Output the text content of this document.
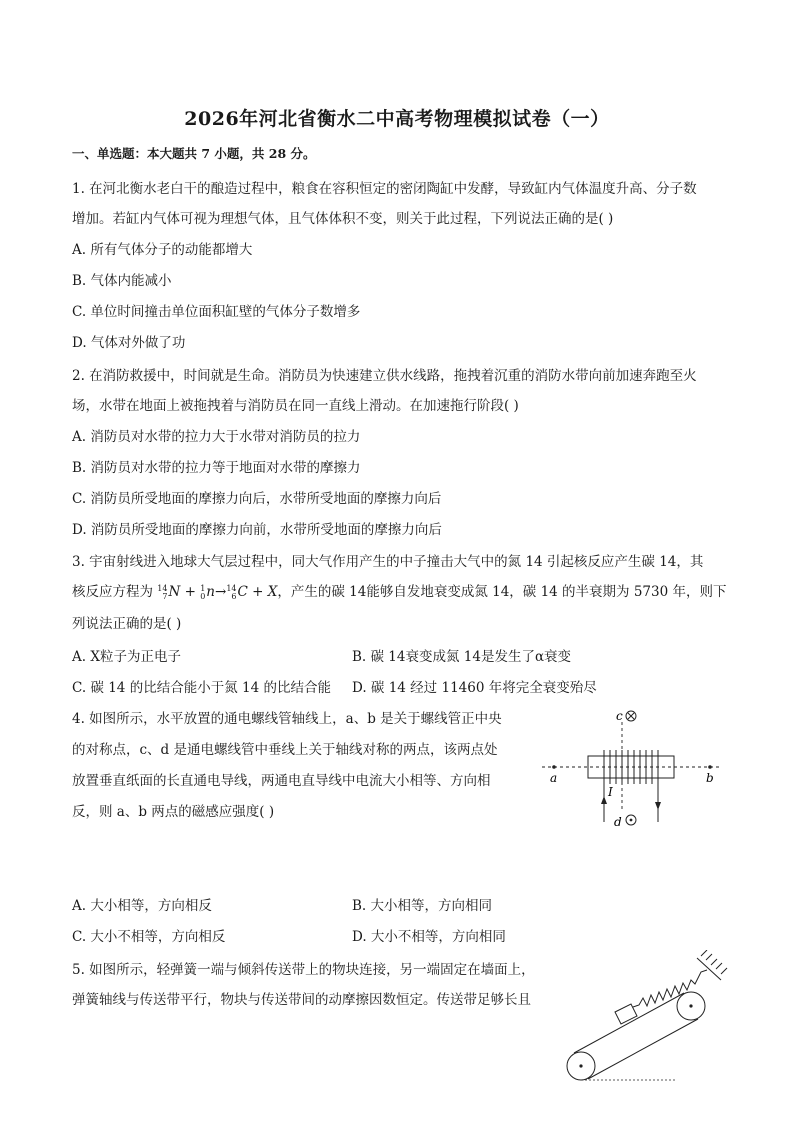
2026年河北省衡水二中高考物理模拟试卷（一）
一、单选题：本大题共 7 小题，共 28 分。
1. 在河北衡水老白干的酿造过程中，粮食在容积恒定的密闭陶缸中发酵，导致缸内气体温度升高、分子数
增加。若缸内气体可视为理想气体，且气体体积不变，则关于此过程，下列说法正确的是( )
A. 所有气体分子的动能都增大
B. 气体内能减小
C. 单位时间撞击单位面积缸壁的气体分子数增多
D. 气体对外做了功
2. 在消防救援中，时间就是生命。消防员为快速建立供水线路，拖拽着沉重的消防水带向前加速奔跑至火
场，水带在地面上被拖拽着与消防员在同一直线上滑动。在加速拖行阶段( )
A. 消防员对水带的拉力大于水带对消防员的拉力
B. 消防员对水带的拉力等于地面对水带的摩擦力
C. 消防员所受地面的摩擦力向后，水带所受地面的摩擦力向后
D. 消防员所受地面的摩擦力向前，水带所受地面的摩擦力向后
3. 宇宙射线进入地球大气层过程中，同大气作用产生的中子撞击大气中的氮 14 引起核反应产生碳 14，其
核反应方程为 14
7N + 1
0n→14
6C + X，产生的碳 14能够自发地衰变成氮 14，碳 14 的半衰期为 5730 年，则下
列说法正确的是( )
A. X粒子为正电子	B. 碳 14衰变成氮 14是发生了α衰变
C. 碳 14 的比结合能小于氮 14 的比结合能 D. 碳 14 经过 11460 年将完全衰变殆尽
4. 如图所示，水平放置的通电螺线管轴线上，a、b 是关于螺线管正中央
的对称点，c、d 是通电螺线管中垂线上关于轴线对称的两点，该两点处
放置垂直纸面的长直通电导线，两通电直导线中电流大小相等、方向相
反，则 a、b 两点的磁感应强度( )
c
d
a	b
I
A. 大小相等，方向相反	B. 大小相等，方向相同
C. 大小不相等，方向相反	D. 大小不相等，方向相同
5. 如图所示，轻弹簧一端与倾斜传送带上的物块连接，另一端固定在墙面上，
弹簧轴线与传送带平行，物块与传送带间的动摩擦因数恒定。传送带足够长且
